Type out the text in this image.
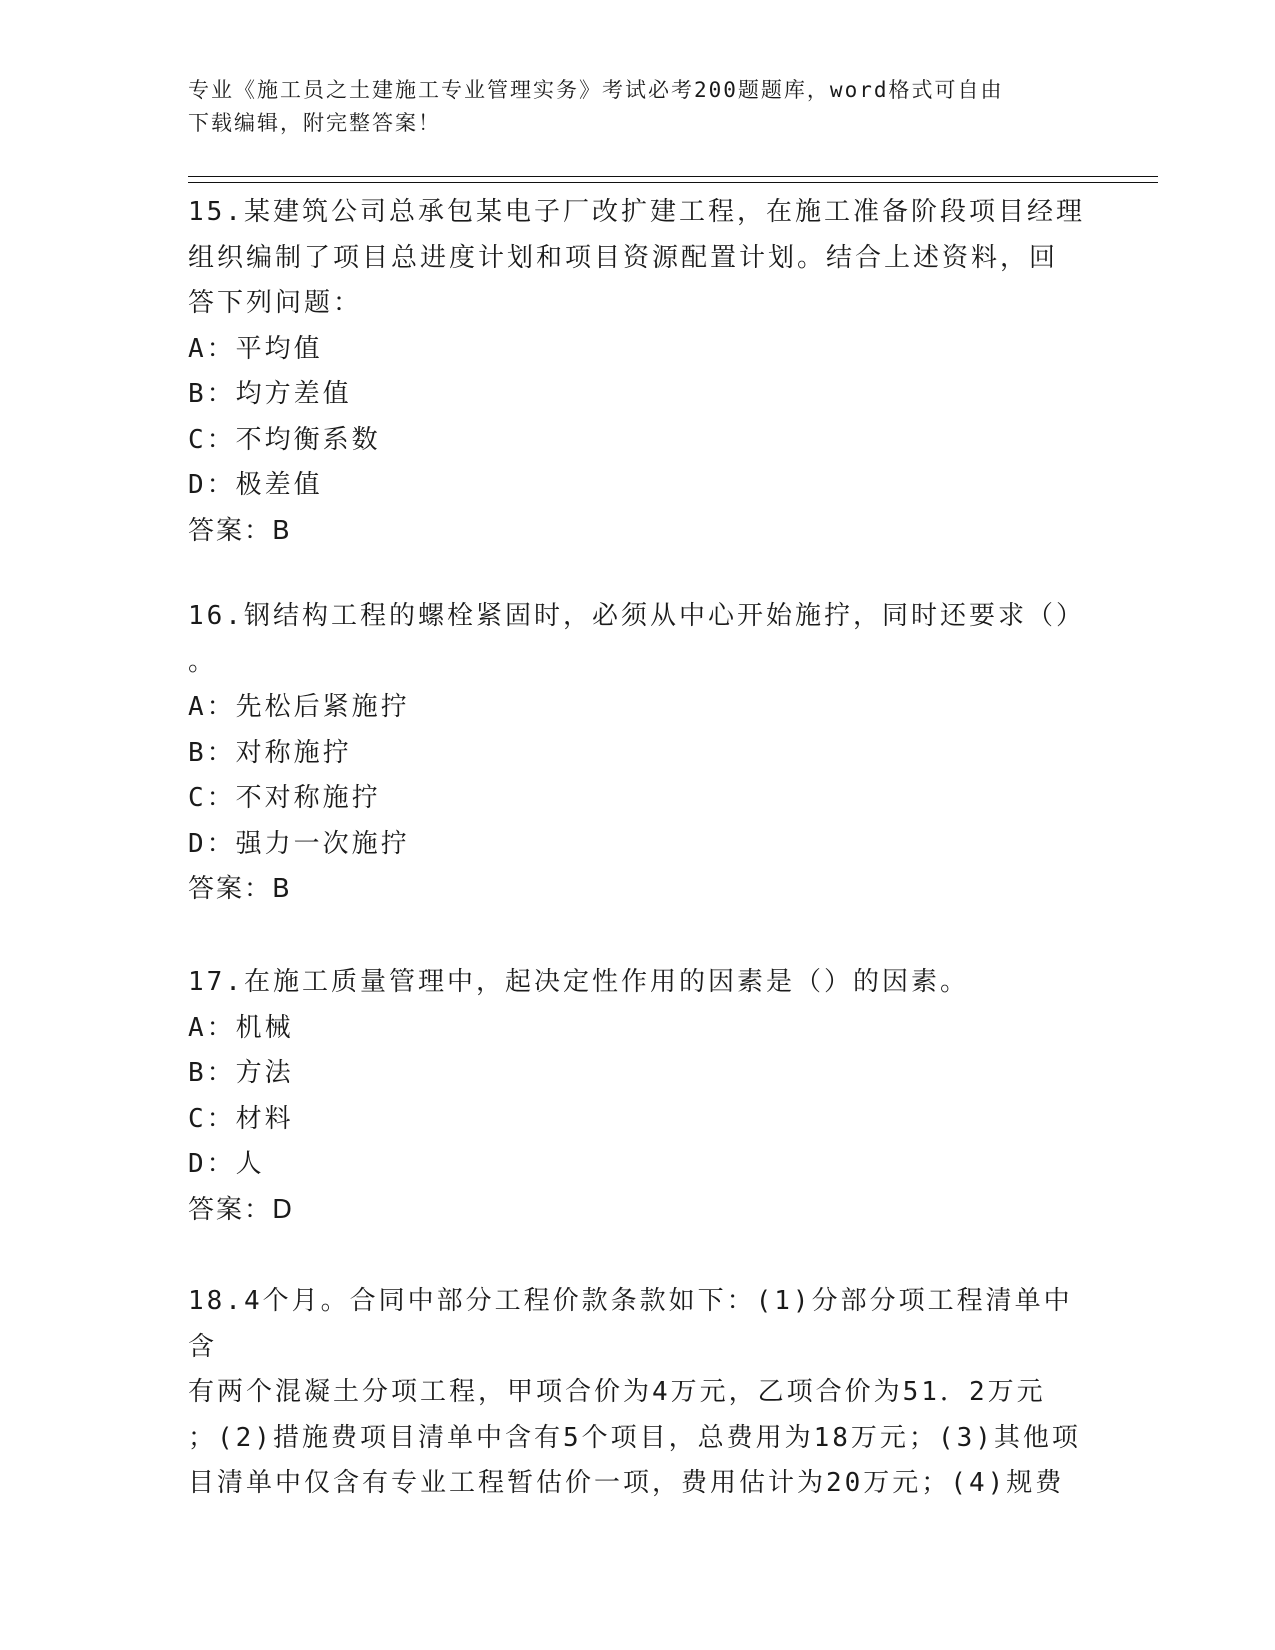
专业《施工员之土建施工专业管理实务》考试必考200题题库，word格式可自由
下载编辑，附完整答案！

15.某建筑公司总承包某电子厂改扩建工程，在施工准备阶段项目经理

组织编制了项目总进度计划和项目资源配置计划。结合上述资料，回

答下列问题：

A：平均值

B：均方差值

C：不均衡系数

D：极差值

答案：B

16.钢结构工程的螺栓紧固时，必须从中心开始施拧，同时还要求（）

。

A：先松后紧施拧

B：对称施拧

C：不对称施拧

D：强力一次施拧

答案：B

17.在施工质量管理中，起决定性作用的因素是（）的因素。

A：机械

B：方法

C：材料

D：人

答案：D

18.4个月。合同中部分工程价款条款如下：(1)分部分项工程清单中含

有两个混凝土分项工程，甲项合价为4万元，乙项合价为51．2万元

；(2)措施费项目清单中含有5个项目，总费用为18万元；(3)其他项

目清单中仅含有专业工程暂估价一项，费用估计为20万元；(4)规费
